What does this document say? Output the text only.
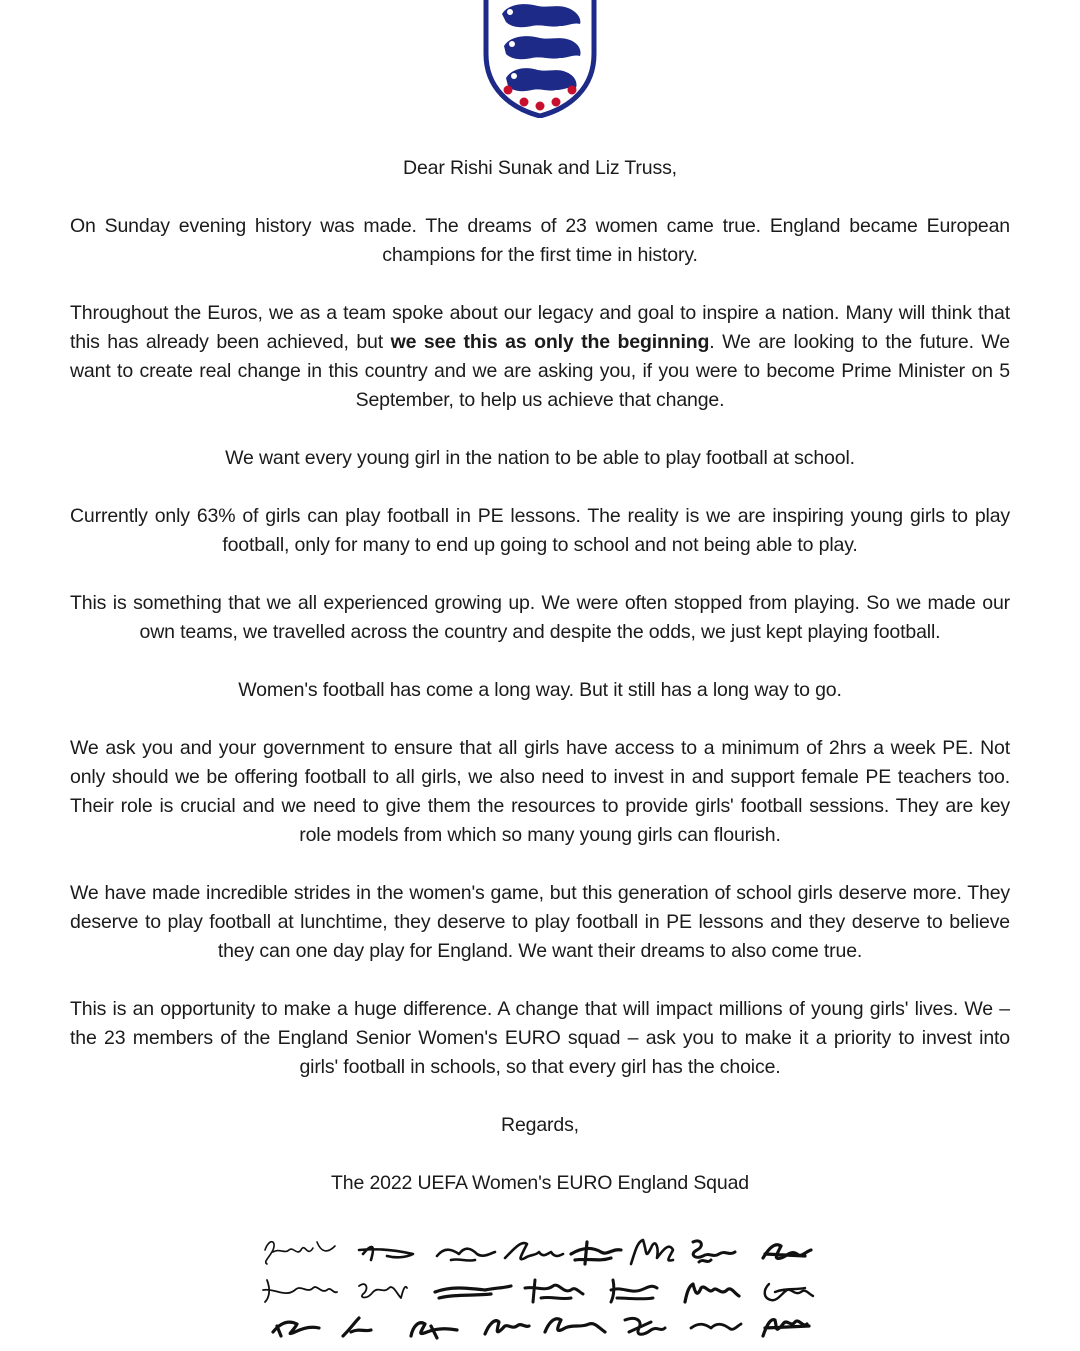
Dear Rishi Sunak and Liz Truss,

On Sunday evening history was made. The dreams of 23 women came true. England became European champions for the first time in history.

Throughout the Euros, we as a team spoke about our legacy and goal to inspire a nation. Many will think that this has already been achieved, but we see this as only the beginning. We are looking to the future. We want to create real change in this country and we are asking you, if you were to become Prime Minister on 5 September, to help us achieve that change.

We want every young girl in the nation to be able to play football at school.

Currently only 63% of girls can play football in PE lessons. The reality is we are inspiring young girls to play football, only for many to end up going to school and not being able to play.

This is something that we all experienced growing up. We were often stopped from playing. So we made our own teams, we travelled across the country and despite the odds, we just kept playing football.

Women's football has come a long way. But it still has a long way to go.

We ask you and your government to ensure that all girls have access to a minimum of 2hrs a week PE. Not only should we be offering football to all girls, we also need to invest in and support female PE teachers too. Their role is crucial and we need to give them the resources to provide girls' football sessions. They are key role models from which so many young girls can flourish.

We have made incredible strides in the women's game, but this generation of school girls deserve more. They deserve to play football at lunchtime, they deserve to play football in PE lessons and they deserve to believe they can one day play for England. We want their dreams to also come true.

This is an opportunity to make a huge difference. A change that will impact millions of young girls' lives. We – the 23 members of the England Senior Women's EURO squad – ask you to make it a priority to invest into girls' football in schools, so that every girl has the choice.

Regards,

The 2022 UEFA Women's EURO England Squad
